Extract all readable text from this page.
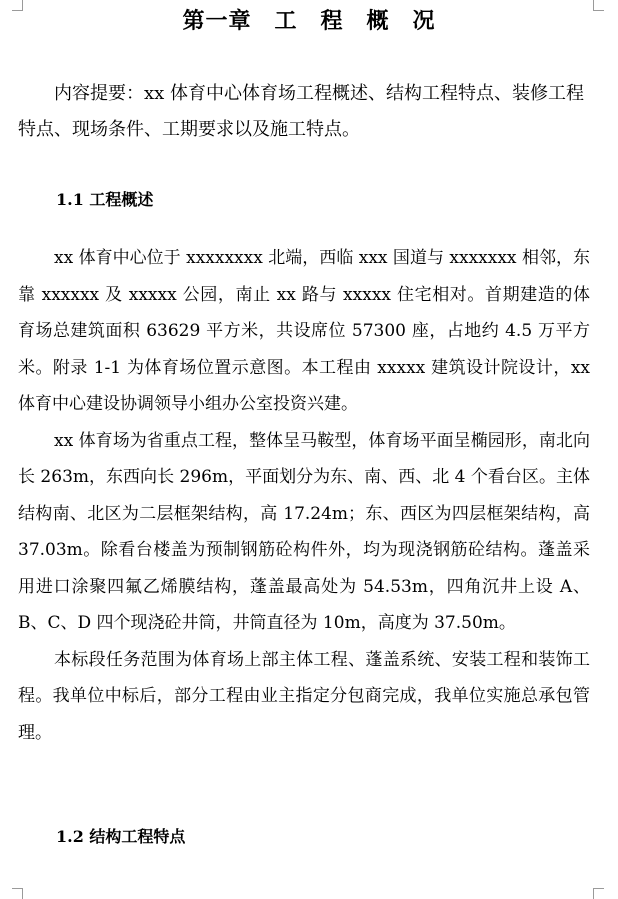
第一章　工　程　概　况

内容提要：xx 体育中心体育场工程概述、结构工程特点、装修工程特点、现场条件、工期要求以及施工特点。

1.1 工程概述

xx 体育中心位于 xxxxxxxx 北端，西临 xxx 国道与 xxxxxxx 相邻，东靠 xxxxxx 及 xxxxx 公园，南止 xx 路与 xxxxx 住宅相对。首期建造的体育场总建筑面积 63629 平方米，共设席位 57300 座，占地约 4.5 万平方米。附录 1-1 为体育场位置示意图。本工程由 xxxxx 建筑设计院设计，xx 体育中心建设协调领导小组办公室投资兴建。

xx 体育场为省重点工程，整体呈马鞍型，体育场平面呈椭园形，南北向长 263m，东西向长 296m，平面划分为东、南、西、北 4 个看台区。主体结构南、北区为二层框架结构，高 17.24m；东、西区为四层框架结构，高 37.03m。除看台楼盖为预制钢筋砼构件外，均为现浇钢筋砼结构。蓬盖采用进口涂聚四氟乙烯膜结构，蓬盖最高处为 54.53m，四角沉井上设 A、B、C、D 四个现浇砼井筒，井筒直径为 10m，高度为 37.50m。

本标段任务范围为体育场上部主体工程、蓬盖系统、安装工程和装饰工程。我单位中标后，部分工程由业主指定分包商完成，我单位实施总承包管理。

1.2 结构工程特点
